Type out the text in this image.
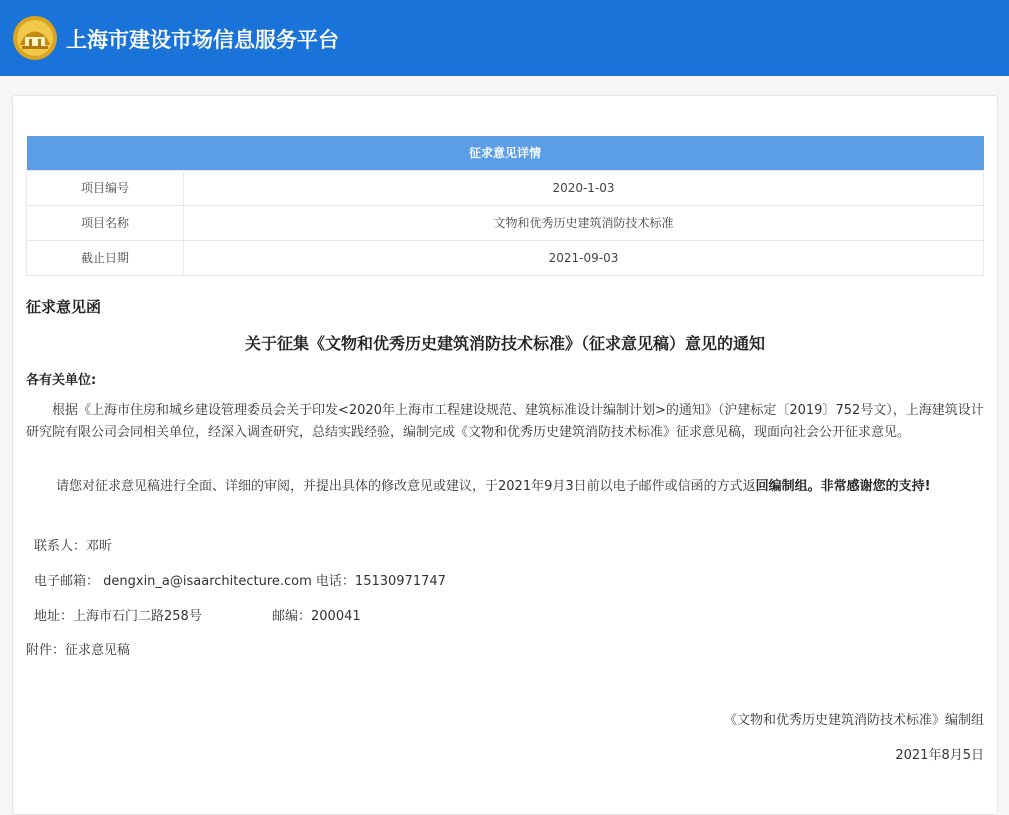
上海市建设市场信息服务平台
征求意见详情	
项目编号	2020-1-03
项目名称	文物和优秀历史建筑消防技术标准
截止日期	2021-09-03
征求意见函
关于征集《文物和优秀历史建筑消防技术标准》（征求意见稿）意见的通知
各有关单位:
根据《上海市住房和城乡建设管理委员会关于印发<2020年上海市工程建设规范、建筑标准设计编制计划>的通知》（沪建标定〔2019〕752号文），上海建筑设计研究院有限公司会同相关单位，经深入调查研究，总结实践经验，编制完成《文物和优秀历史建筑消防技术标准》征求意见稿，现面向社会公开征求意见。
请您对征求意见稿进行全面、详细的审阅，并提出具体的修改意见或建议，于2021年9月3日前以电子邮件或信函的方式返回编制组。非常感谢您的支持!
联系人：邓昕
电子邮箱： dengxin_a@isaarchitecture.com 电话：15130971747
地址：上海市石门二路258号	邮编：200041
附件：征求意见稿
《文物和优秀历史建筑消防技术标准》编制组
2021年8月5日
